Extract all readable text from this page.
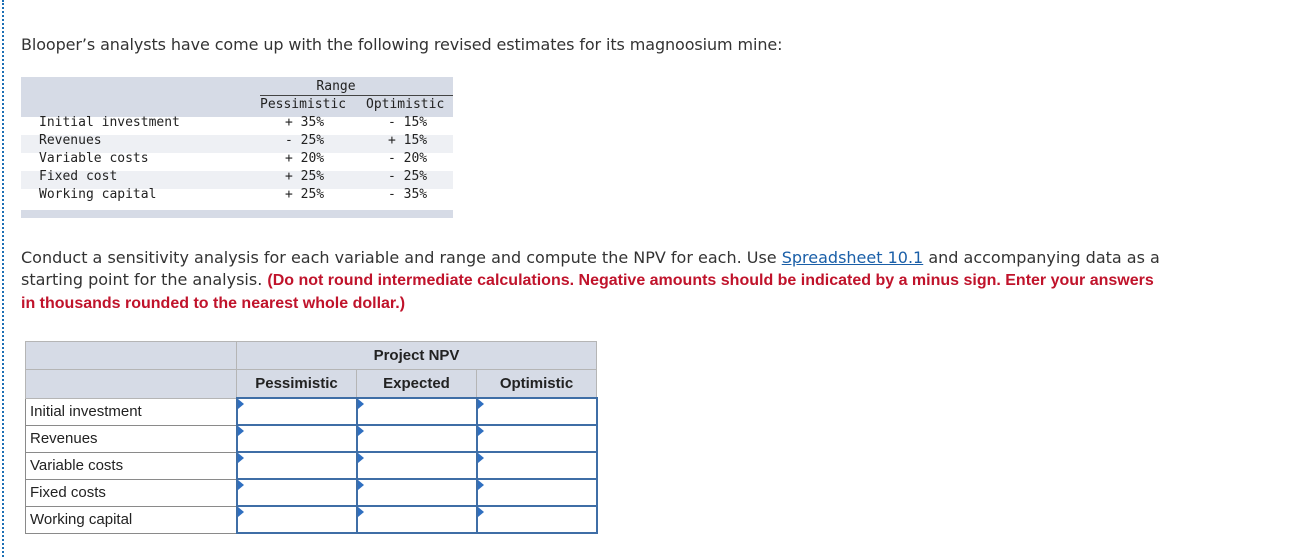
Blooper’s analysts have come up with the following revised estimates for its magnoosium mine:
Range
Pessimistic Optimistic
Initial investment	+ 35%	- 15%
Revenues	- 25%	+ 15%
Variable costs	+ 20%	- 20%
Fixed cost	+ 25%	- 25%
Working capital	+ 25%	- 35%
Conduct a sensitivity analysis for each variable and range and compute the NPV for each. Use Spreadsheet 10.1 and accompanying data as a starting point for the analysis. (Do not round intermediate calculations. Negative amounts should be indicated by a minus sign. Enter your answers in thousands rounded to the nearest whole dollar.)
	Project NPV		
	Pessimistic	Expected	Optimistic
Initial investment			
Revenues			
Variable costs			
Fixed costs			
Working capital			
